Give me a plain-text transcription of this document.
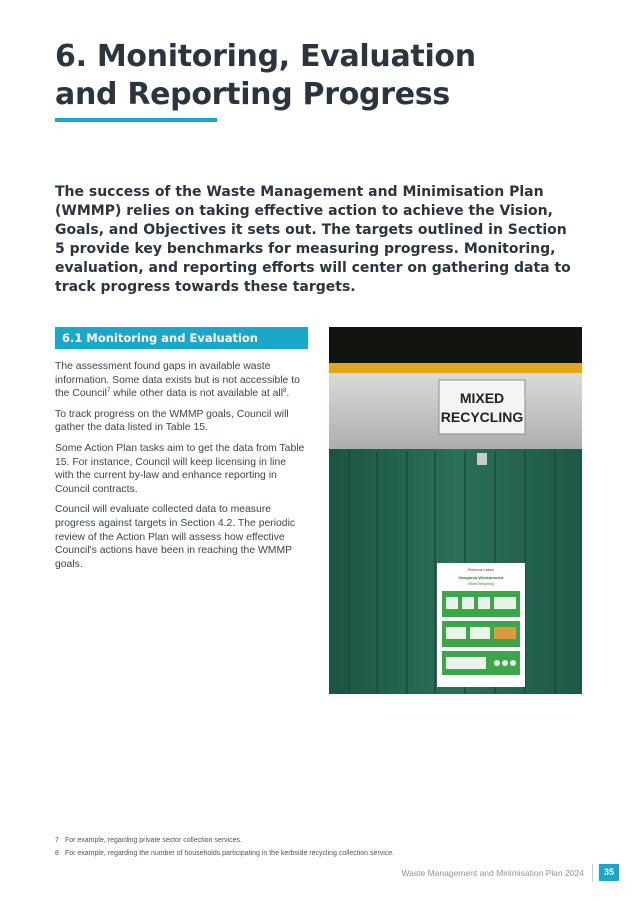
6. Monitoring, Evaluation
and Reporting Progress

The success of the Waste Management and Minimisation Plan (WMMP) relies on taking effective action to achieve the Vision, Goals, and Objectives it sets out. The targets outlined in Section 5 provide key benchmarks for measuring progress. Monitoring, evaluation, and reporting efforts will center on gathering data to track progress towards these targets.

6.1 Monitoring and Evaluation

The assessment found gaps in available waste information. Some data exists but is not accessible to the Council$^7$ while other data is not available at all$^8$.

To track progress on the WMMP goals, Council will gather the data listed in Table 15.

Some Action Plan tasks aim to get the data from Table 15. For instance, Council will keep licensing in line with the current by-law and enhance reporting in Council contracts.

Council will evaluate collected data to measure progress against targets in Section 4.2. The periodic review of the Action Plan will assess how effective Council's actions have been in reaching the WMMP goals.

MIXED
RECYCLING
Rotorua Lakes
Hangarua Whakaranara
Mixed Recycling
7 For example, regarding private sector collection services.
8 For example, regarding the number of households participating in the kerbside recycling collection service.
Waste Management and Minimisation Plan 2024	35
